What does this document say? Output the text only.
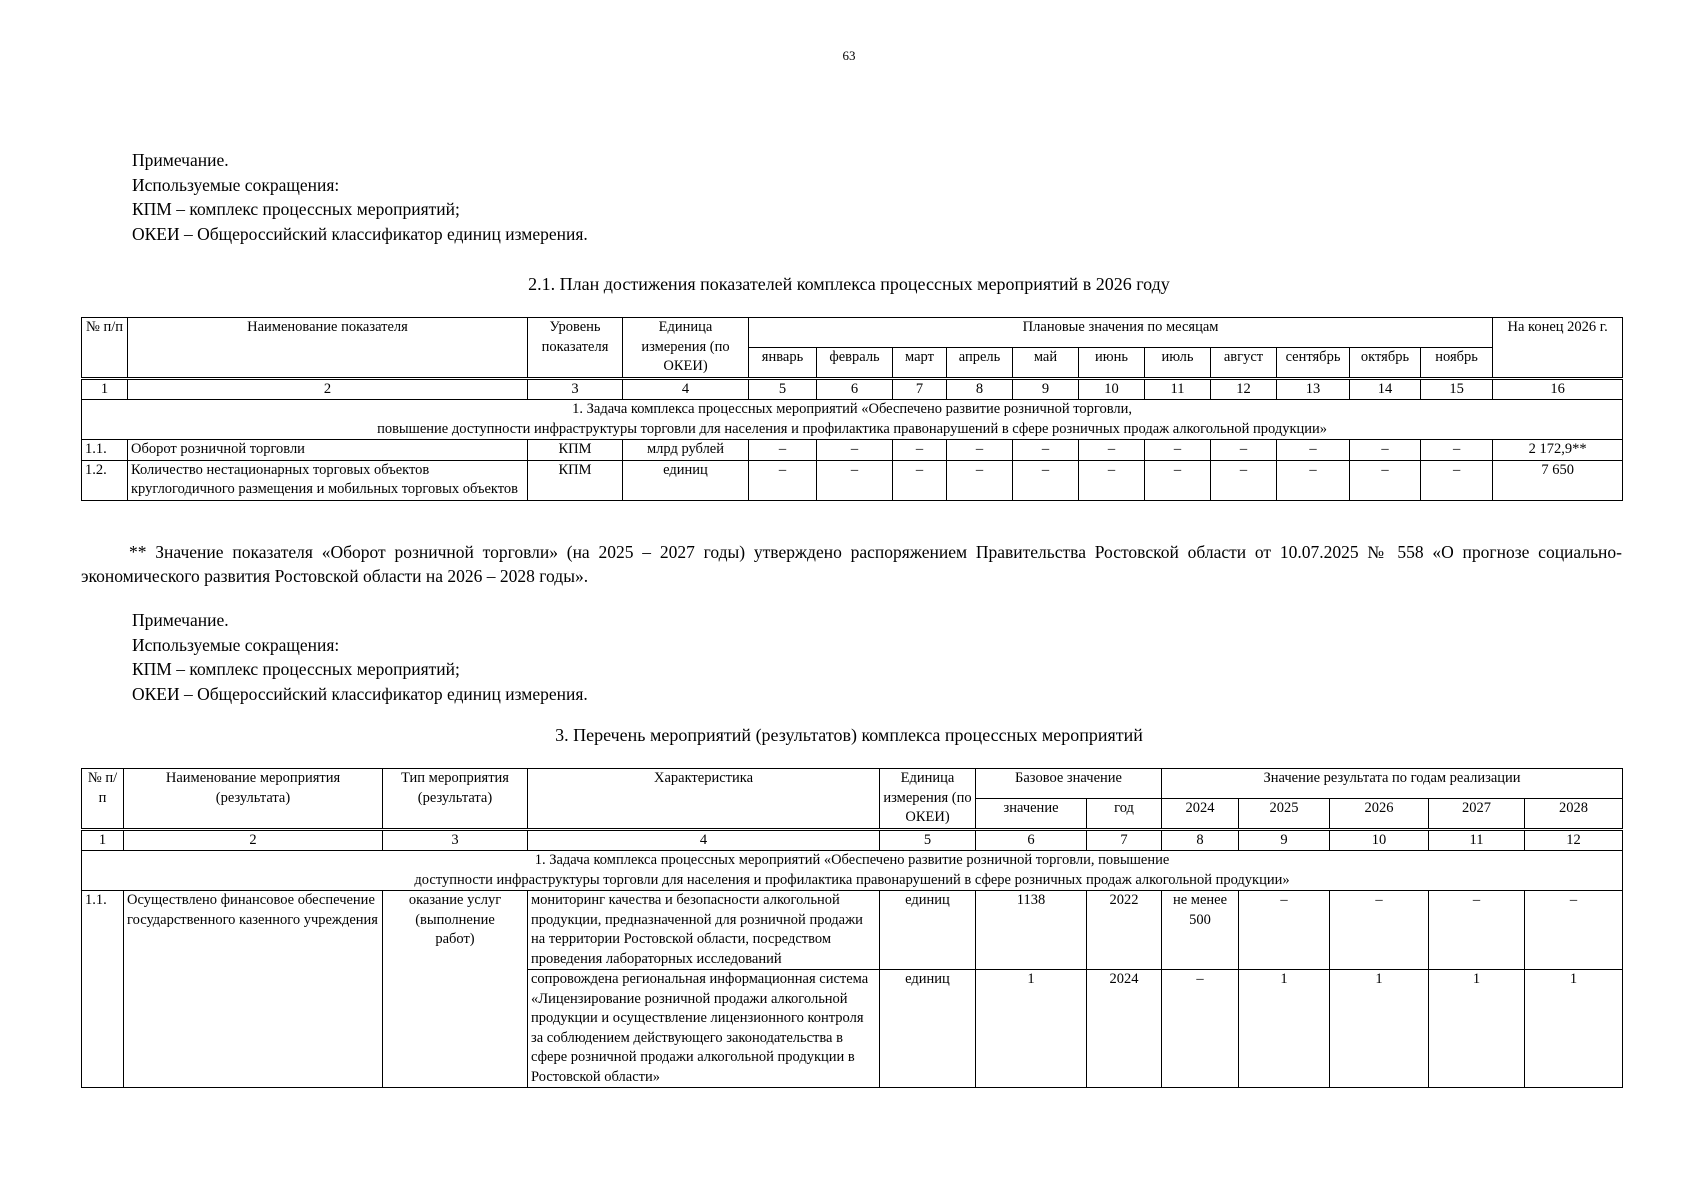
63
Примечание.
Используемые сокращения:
КПМ – комплекс процессных мероприятий;
ОКЕИ – Общероссийский классификатор единиц измерения.
2.1. План достижения показателей комплекса процессных мероприятий в 2026 году
№ п/п	Наименование показателя	Уровень показателя	Единица измерения (по ОКЕИ)	Плановые значения по месяцам											На конец 2026 г.
				январь	февраль	март	апрель	май	июнь	июль	август	сентябрь	октябрь	ноябрь	
1	2	3	4	5	6	7	8	9	10	11	12	13	14	15	16

1. Задача комплекса процессных мероприятий «Обеспечено развитие розничной торговли,
повышение доступности инфраструктуры торговли для населения и профилактика правонарушений в сфере розничных продаж алкогольной продукции»															

1.1.	Оборот розничной торговли	КПМ	млрд рублей	–	–	–	–	–	–	–	–	–	–	–	2 172,9**
1.2.	Количество нестационарных торговых объектов круглогодичного размещения и мобильных торговых объектов	КПМ	единиц	–	–	–	–	–	–	–	–	–	–	–	7 650

** Значение показателя «Оборот розничной торговли» (на 2025 – 2027 годы) утверждено распоряжением Правительства Ростовской области от 10.07.2025 № 558 «О прогнозе социально-экономического развития Ростовской области на 2026 – 2028 годы».

Примечание.
Используемые сокращения:
КПМ – комплекс процессных мероприятий;
ОКЕИ – Общероссийский классификатор единиц измерения.
3. Перечень мероприятий (результатов) комплекса процессных мероприятий
№ п/п	Наименование мероприятия (результата)	Тип мероприятия (результата)	Характеристика	Единица измерения (по ОКЕИ)	Базовое значение		Значение результата по годам реализации				
					значение	год	2024	2025	2026	2027	2028
1	2	3	4	5	6	7	8	9	10	11	12

1. Задача комплекса процессных мероприятий «Обеспечено развитие розничной торговли, повышение
доступности инфраструктуры торговли для населения и профилактика правонарушений в сфере розничных продаж алкогольной продукции»											

1.1.	Осуществлено финансовое обеспечение государственного казенного учреждения	оказание услуг (выполнение работ)	мониторинг качества и безопасности алкогольной продукции, предназначенной для розничной продажи на территории Ростовской области, посредством проведения лабораторных исследований	единиц	1138	2022	не менее 500	–	–	–	–
			сопровождена региональная информационная система «Лицензирование розничной продажи алкогольной продукции и осуществление лицензионного контроля за соблюдением действующего законодательства в сфере розничной продажи алкогольной продукции в Ростовской области»	единиц	1	2024	–	1	1	1	1
